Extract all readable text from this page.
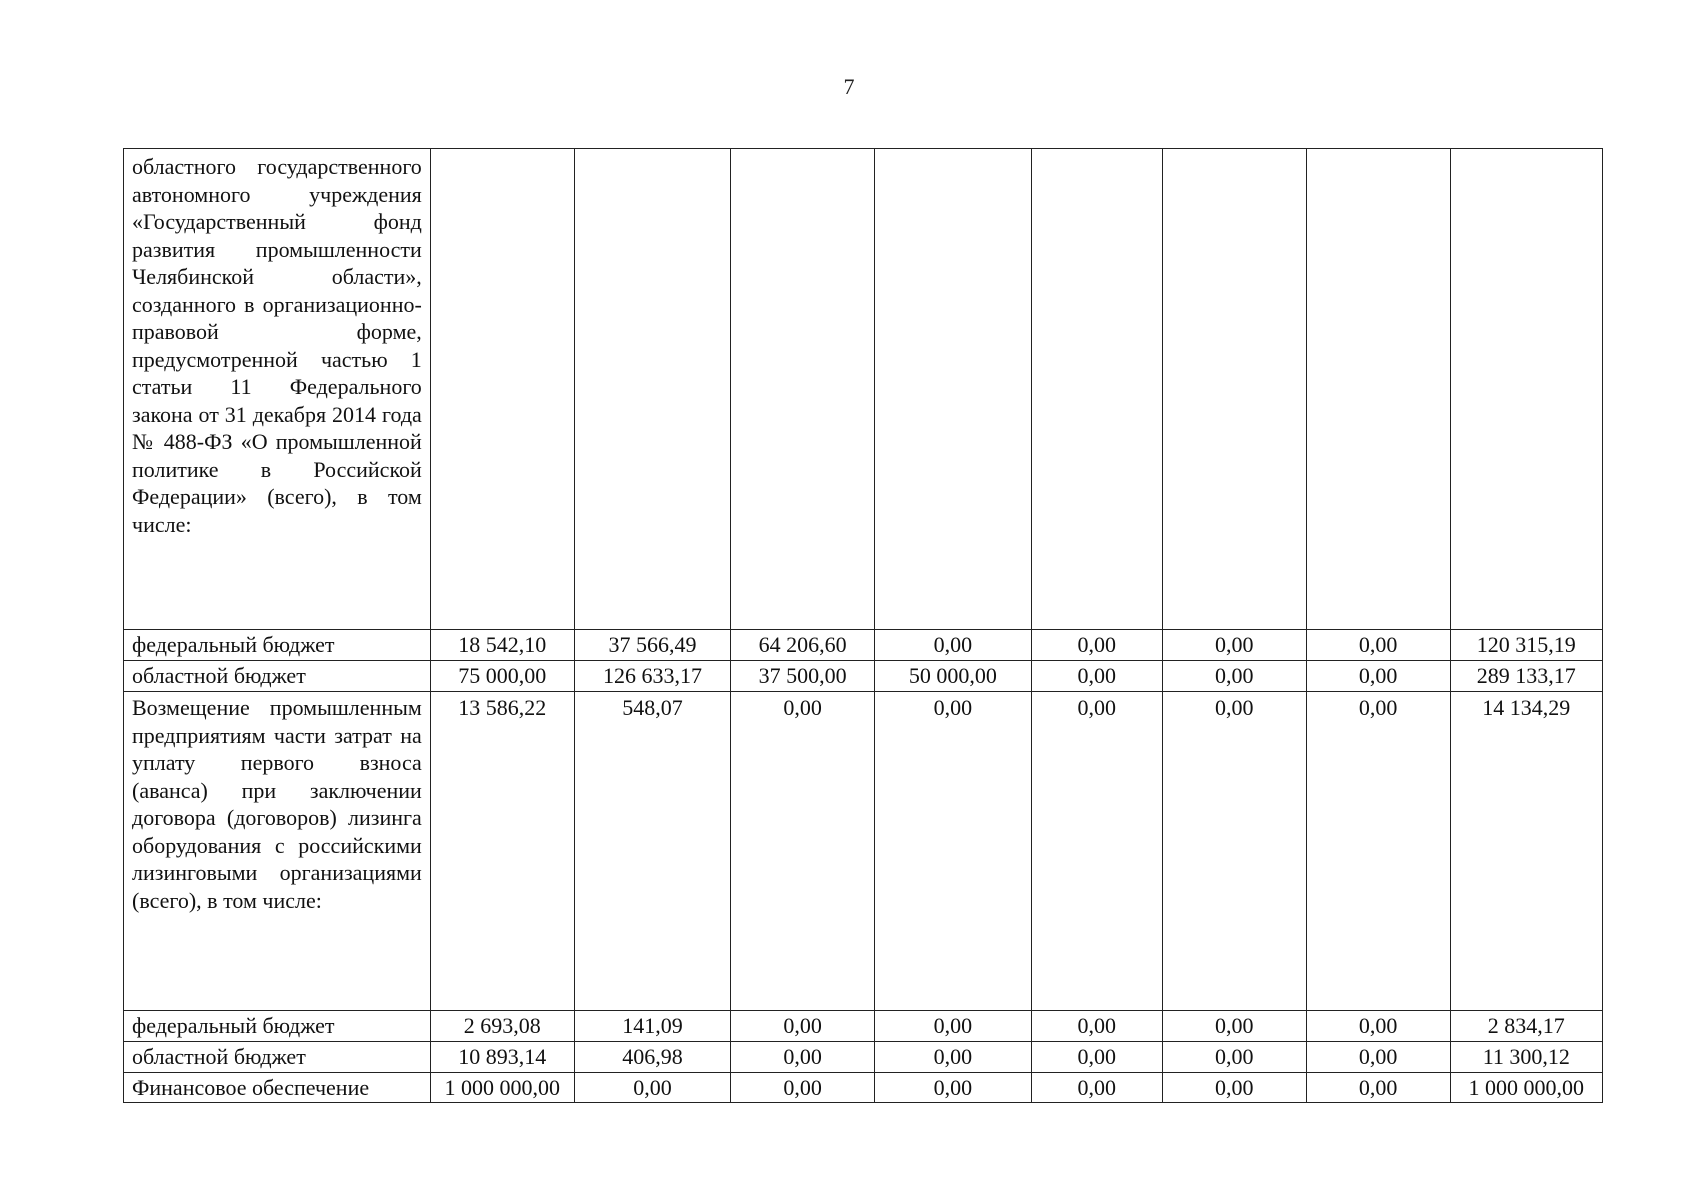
7
областного государственного автономного учреждения «Государственный фонд развития промышленности Челябинской области», созданного в организационно-правовой форме, предусмотренной частью 1 статьи 11 Федерального закона от 31 декабря 2014 года № 488-ФЗ «О промышленной политике в Российской Федерации» (всего), в том числе:								
федеральный бюджет	18 542,10	37 566,49	64 206,60	0,00	0,00	0,00	0,00	120 315,19
областной бюджет	75 000,00	126 633,17	37 500,00	50 000,00	0,00	0,00	0,00	289 133,17
Возмещение промышленным предприятиям части затрат на уплату первого взноса (аванса) при заключении договора (договоров) лизинга оборудования с российскими лизинговыми организациями (всего), в том числе:	13 586,22	548,07	0,00	0,00	0,00	0,00	0,00	14 134,29
федеральный бюджет	2 693,08	141,09	0,00	0,00	0,00	0,00	0,00	2 834,17
областной бюджет	10 893,14	406,98	0,00	0,00	0,00	0,00	0,00	11 300,12
Финансовое обеспечение	1 000 000,00	0,00	0,00	0,00	0,00	0,00	0,00	1 000 000,00
